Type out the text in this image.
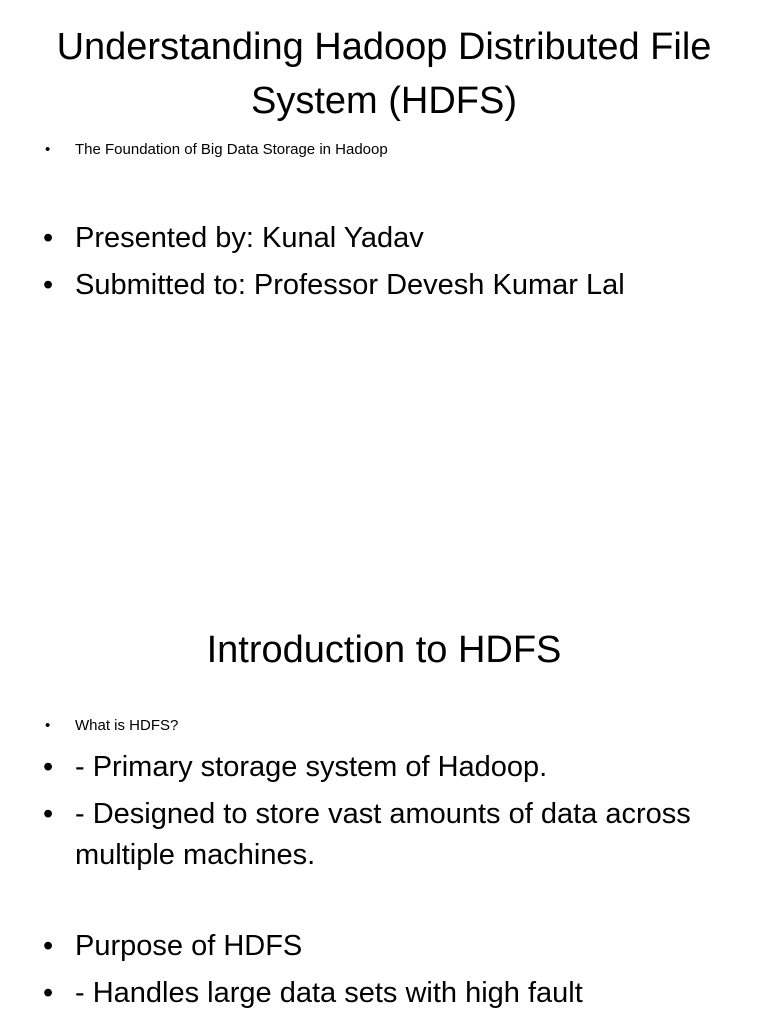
Understanding Hadoop Distributed File System (HDFS)
• The Foundation of Big Data Storage in Hadoop
• Presented by: Kunal Yadav
• Submitted to: Professor Devesh Kumar Lal
Introduction to HDFS
• What is HDFS?
• - Primary storage system of Hadoop.
• - Designed to store vast amounts of data across multiple machines.
• Purpose of HDFS
• - Handles large data sets with high fault
